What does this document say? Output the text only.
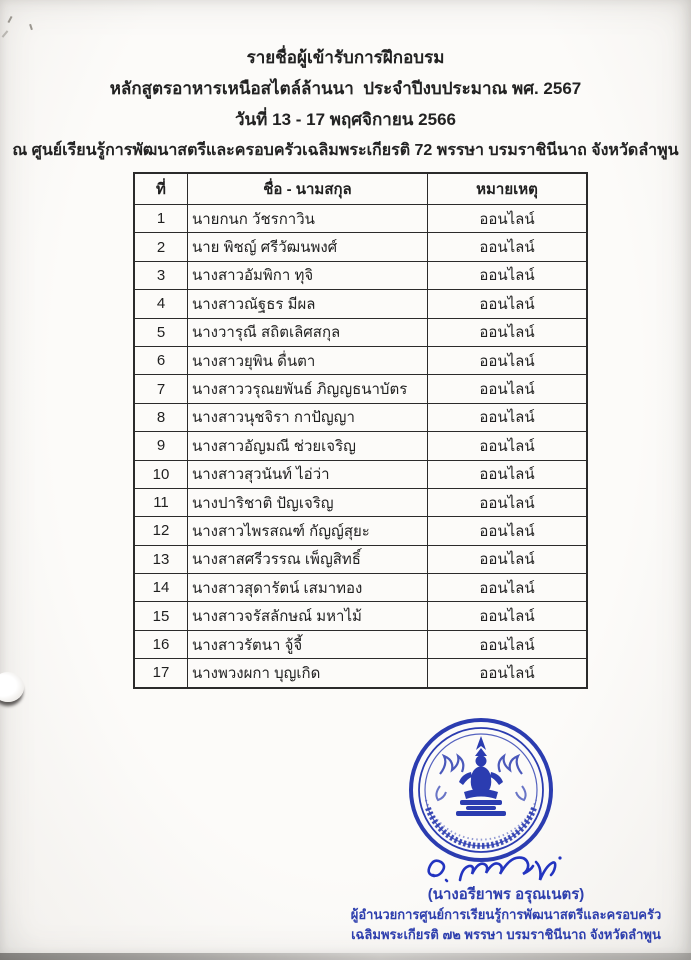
รายชื่อผู้เข้ารับการฝึกอบรม
หลักสูตรอาหารเหนือสไตล์ล้านนา  ประจำปีงบประมาณ พศ. 2567
วันที่ 13 - 17 พฤศจิกายน 2566
ณ ศูนย์เรียนรู้การพัฒนาสตรีและครอบครัวเฉลิมพระเกียรติ 72 พรรษา บรมราชินีนาถ จังหวัดลำพูน
ที่	ชื่อ - นามสกุล	หมายเหตุ
1	นายกนก วัชรกาวิน	ออนไลน์
2	นาย พิชญ์ ศรีวัฒนพงศ์	ออนไลน์
3	นางสาวอัมพิกา ทุจิ	ออนไลน์
4	นางสาวณัฐธร มีผล	ออนไลน์
5	นางวารุณี สถิตเลิศสกุล	ออนไลน์
6	นางสาวยุพิน ดื่นตา	ออนไลน์
7	นางสาววรุณยพันธ์ ภิญญธนาบัตร	ออนไลน์
8	นางสาวนุชจิรา กาปัญญา	ออนไลน์
9	นางสาวอัญมณี ช่วยเจริญ	ออนไลน์
10	นางสาวสุวนันท์ ไอ่ว่า	ออนไลน์
11	นางปาริชาติ ปัญเจริญ	ออนไลน์
12	นางสาวไพรสณฑ์ กัญญ์สุยะ	ออนไลน์
13	นางสาสศรีวรรณ เพ็ญสิทธิ์	ออนไลน์
14	นางสาวสุดารัตน์ เสมาทอง	ออนไลน์
15	นางสาวจรัสลักษณ์ มหาไม้	ออนไลน์
16	นางสาวรัตนา จู้จี้	ออนไลน์
17	นางพวงผกา บุญเกิด	ออนไลน์
(นางอรียาพร อรุณเนตร)
ผู้อำนวยการศูนย์การเรียนรู้การพัฒนาสตรีและครอบครัว
เฉลิมพระเกียรติ ๗๒ พรรษา บรมราชินีนาถ จังหวัดลำพูน
